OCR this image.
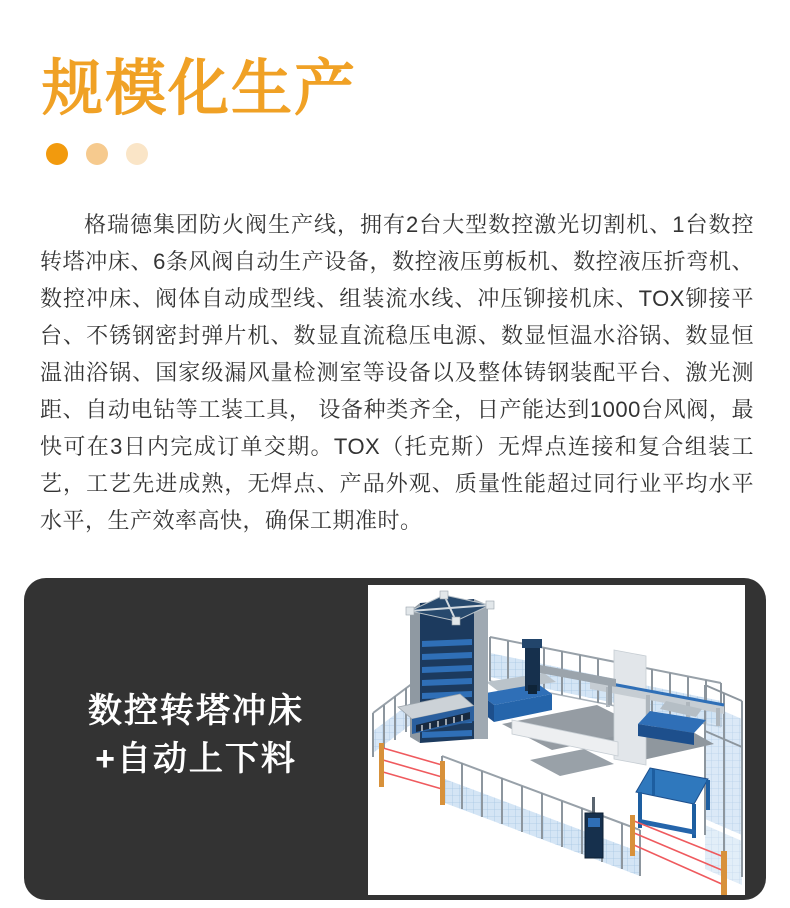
规模化生产

格瑞德集团防火阀生产线，拥有2台大型数控激光切割机、1台数控转塔冲床、6条风阀自动生产设备，数控液压剪板机、数控液压折弯机、数控冲床、阀体自动成型线、组装流水线、冲压铆接机床、TOX铆接平台、不锈钢密封弹片机、数显直流稳压电源、数显恒温水浴锅、数显恒温油浴锅、国家级漏风量检测室等设备以及整体铸钢装配平台、激光测距、自动电钻等工装工具， 设备种类齐全，日产能达到1000台风阀，最快可在3日内完成订单交期。TOX（托克斯）无焊点连接和复合组装工艺，工艺先进成熟，无焊点、产品外观、质量性能超过同行业平均水平水平，生产效率高快，确保工期准时。

数控转塔冲床
+自动上下料
